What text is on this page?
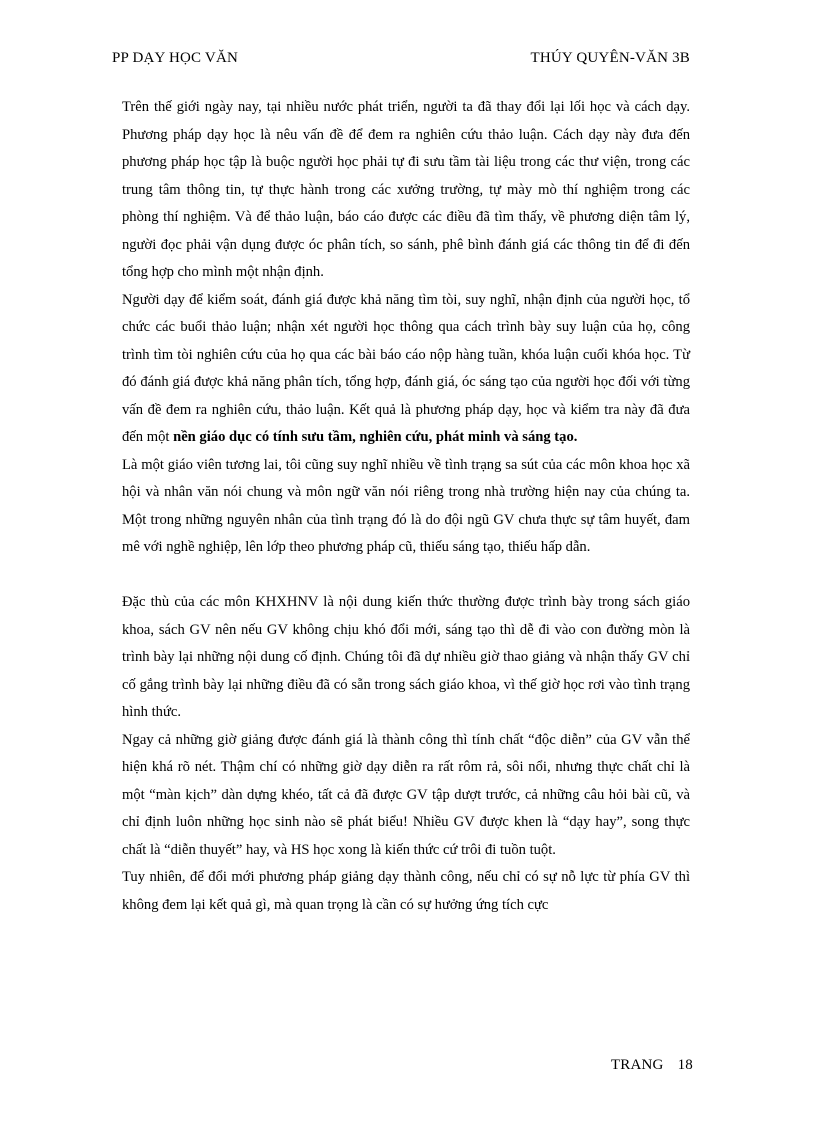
PP DẠY HỌC VĂN	THÚY QUYÊN-VĂN 3B

Trên thế giới ngày nay, tại nhiều nước phát triển, người ta đã thay đổi lại lối học và cách dạy. Phương pháp dạy học là nêu vấn đề để đem ra nghiên cứu thảo luận. Cách dạy này đưa đến phương pháp học tập là buộc người học phải tự đi sưu tầm tài liệu trong các thư viện, trong các trung tâm thông tin, tự thực hành trong các xưởng trường, tự mày mò thí nghiệm trong các phòng thí nghiệm. Và để thảo luận, báo cáo được các điều đã tìm thấy, về phương diện tâm lý, người đọc phải vận dụng được óc phân tích, so sánh, phê bình đánh giá các thông tin để đi đến tổng hợp cho mình một nhận định.

Người dạy để kiểm soát, đánh giá được khả năng tìm tòi, suy nghĩ, nhận định của người học, tổ chức các buổi thảo luận; nhận xét người học thông qua cách trình bày suy luận của họ, công trình tìm tòi nghiên cứu của họ qua các bài báo cáo nộp hàng tuần, khóa luận cuối khóa học. Từ đó đánh giá được khả năng phân tích, tổng hợp, đánh giá, óc sáng tạo của người học đối với từng vấn đề đem ra nghiên cứu, thảo luận. Kết quả là phương pháp dạy, học và kiểm tra này đã đưa đến một nền giáo dục có tính sưu tầm, nghiên cứu, phát minh và sáng tạo.

Là một giáo viên tương lai, tôi cũng suy nghĩ nhiều về tình trạng sa sút của các môn khoa học xã hội và nhân văn nói chung và môn ngữ văn nói riêng trong nhà trường hiện nay của chúng ta. Một trong những nguyên nhân của tình trạng đó là do đội ngũ GV chưa thực sự tâm huyết, đam mê với nghề nghiệp, lên lớp theo phương pháp cũ, thiếu sáng tạo, thiếu hấp dẫn.

Đặc thù của các môn KHXHNV là nội dung kiến thức thường được trình bày trong sách giáo khoa, sách GV nên nếu GV không chịu khó đổi mới, sáng tạo thì dễ đi vào con đường mòn là trình bày lại những nội dung cố định. Chúng tôi đã dự nhiều giờ thao giảng và nhận thấy GV chỉ cố gắng trình bày lại những điều đã có sẵn trong sách giáo khoa, vì thế giờ học rơi vào tình trạng hình thức.

Ngay cả những giờ giảng được đánh giá là thành công thì tính chất “độc diễn” của GV vẫn thể hiện khá rõ nét. Thậm chí có những giờ dạy diễn ra rất rôm rả, sôi nổi, nhưng thực chất chỉ là một “màn kịch” dàn dựng khéo, tất cả đã được GV tập dượt trước, cả những câu hỏi bài cũ, và chỉ định luôn những học sinh nào sẽ phát biểu! Nhiều GV được khen là “dạy hay”, song thực chất là “diễn thuyết” hay, và HS học xong là kiến thức cứ trôi đi tuồn tuột.

Tuy nhiên, để đổi mới phương pháp giảng dạy thành công, nếu chỉ có sự nỗ lực từ phía GV thì không đem lại kết quả gì, mà quan trọng là cần có sự hưởng ứng tích cực

TRANG 18
